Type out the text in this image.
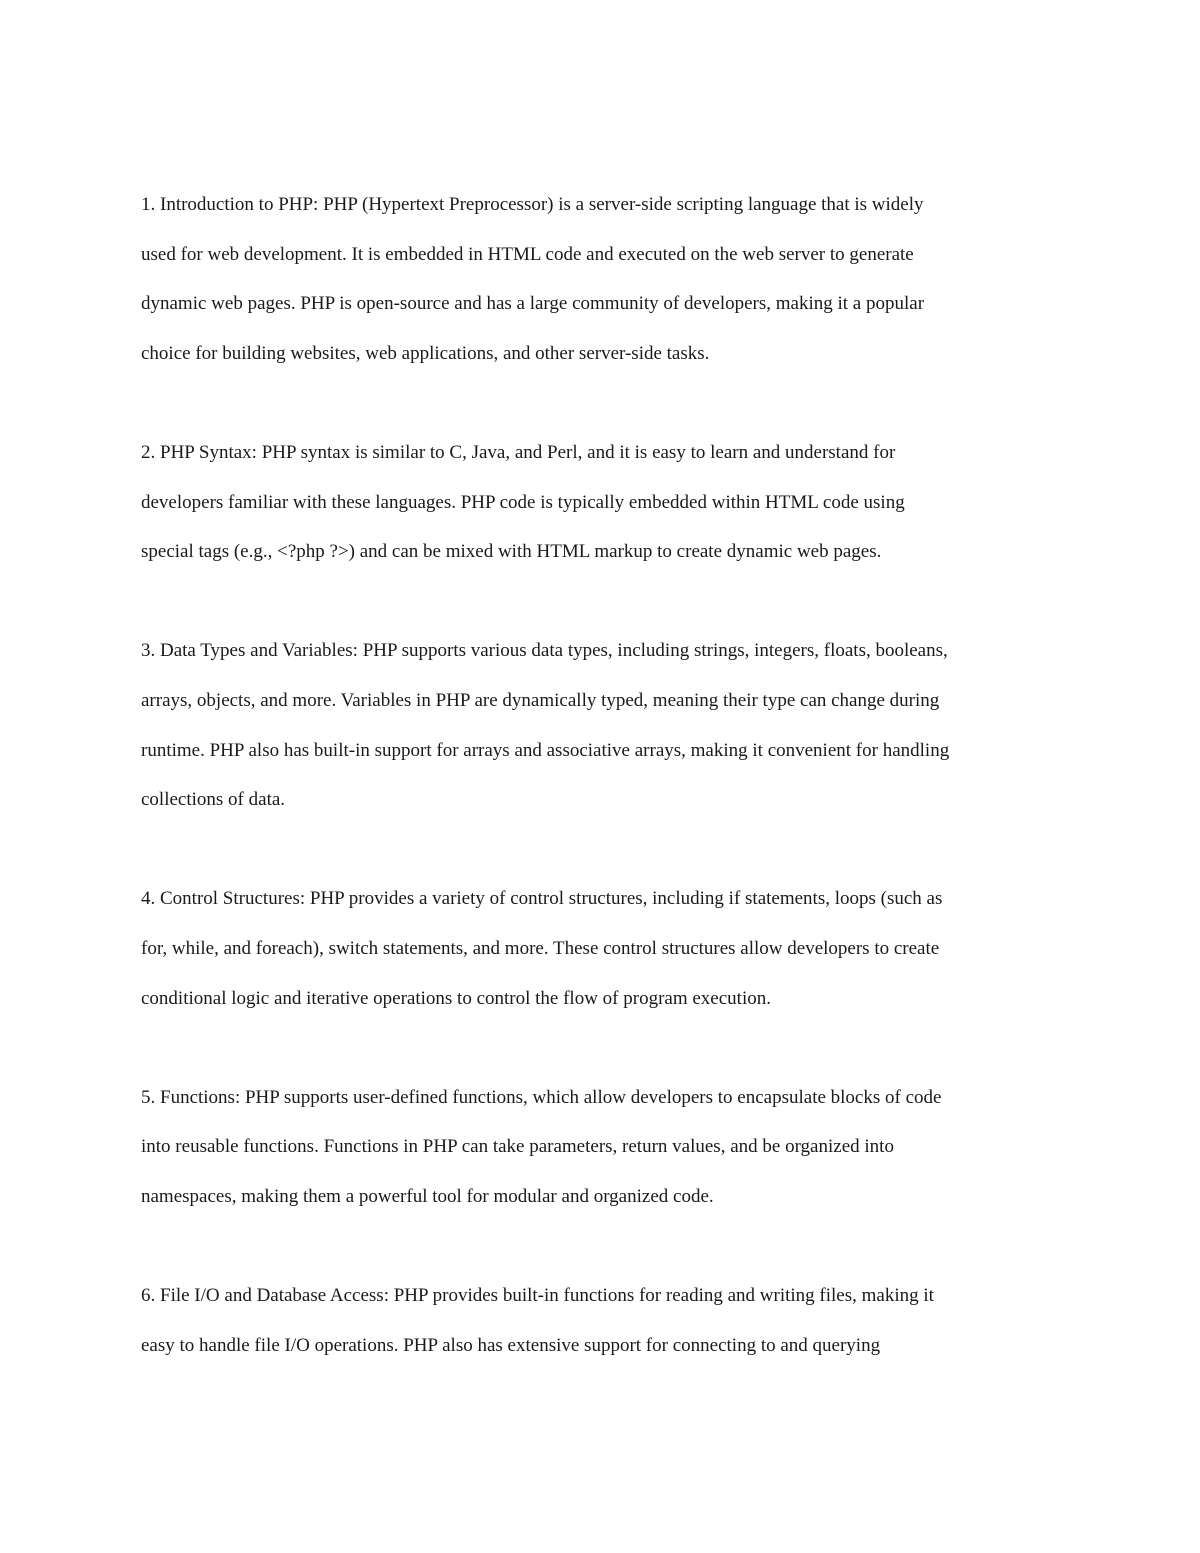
1. Introduction to PHP: PHP (Hypertext Preprocessor) is a server-side scripting language that is widely
used for web development. It is embedded in HTML code and executed on the web server to generate
dynamic web pages. PHP is open-source and has a large community of developers, making it a popular
choice for building websites, web applications, and other server-side tasks.

2. PHP Syntax: PHP syntax is similar to C, Java, and Perl, and it is easy to learn and understand for
developers familiar with these languages. PHP code is typically embedded within HTML code using
special tags (e.g., <?php ?>) and can be mixed with HTML markup to create dynamic web pages.

3. Data Types and Variables: PHP supports various data types, including strings, integers, floats, booleans,
arrays, objects, and more. Variables in PHP are dynamically typed, meaning their type can change during
runtime. PHP also has built-in support for arrays and associative arrays, making it convenient for handling
collections of data.

4. Control Structures: PHP provides a variety of control structures, including if statements, loops (such as
for, while, and foreach), switch statements, and more. These control structures allow developers to create
conditional logic and iterative operations to control the flow of program execution.

5. Functions: PHP supports user-defined functions, which allow developers to encapsulate blocks of code
into reusable functions. Functions in PHP can take parameters, return values, and be organized into
namespaces, making them a powerful tool for modular and organized code.

6. File I/O and Database Access: PHP provides built-in functions for reading and writing files, making it
easy to handle file I/O operations. PHP also has extensive support for connecting to and querying
